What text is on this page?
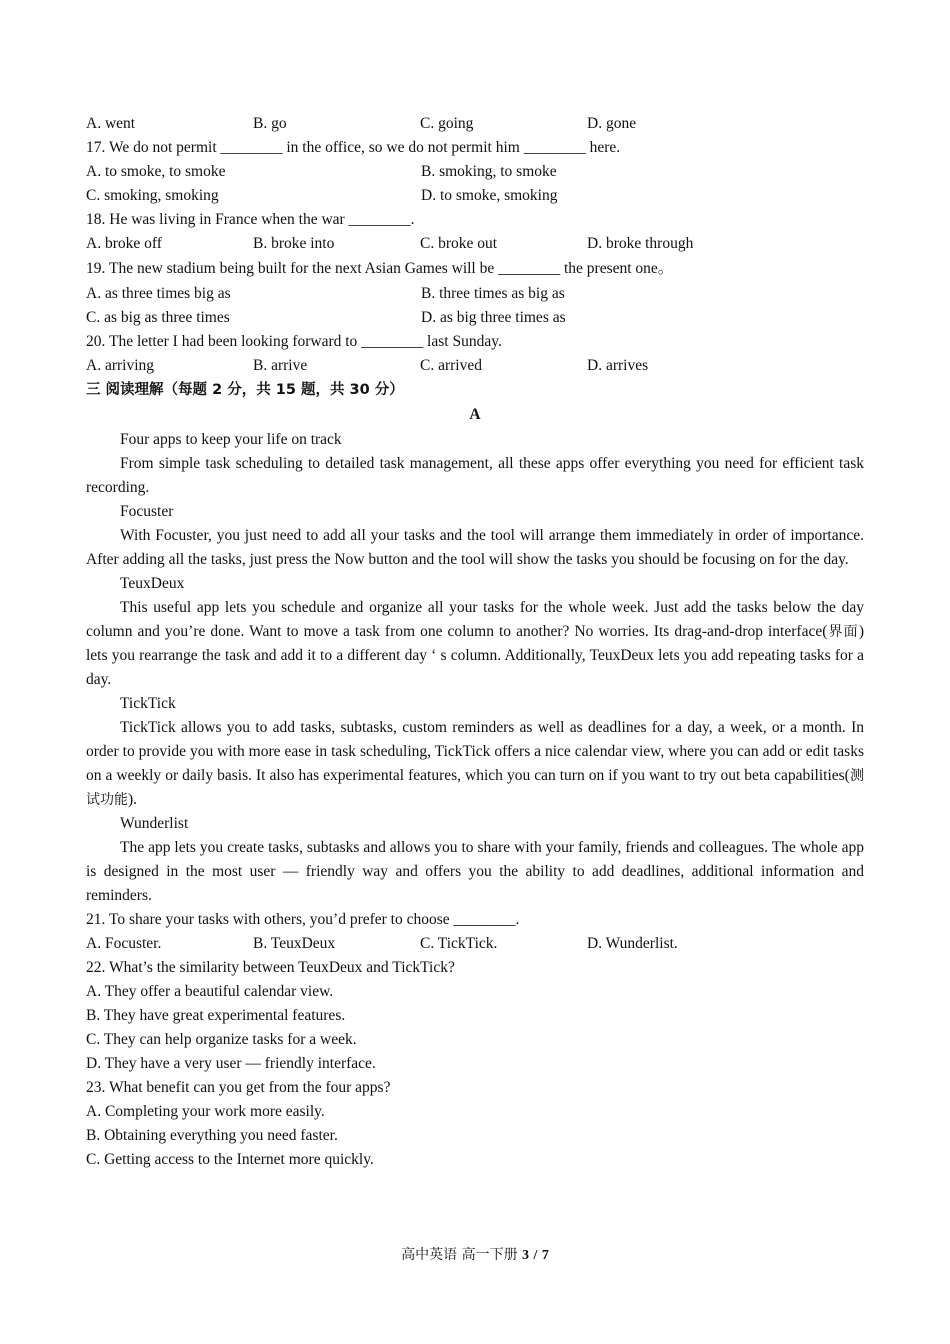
A. went	B. go	C. going	D. gone
17. We do not permit ________ in the office, so we do not permit him ________ here.
A. to smoke, to smoke	B. smoking, to smoke
C. smoking, smoking	D. to smoke, smoking
18. He was living in France when the war ________.
A. broke off	B. broke into	C. broke out	D. broke through
19. The new stadium being built for the next Asian Games will be ________ the present one。
A. as three times big as	B. three times as big as
C. as big as three times	D. as big three times as
20. The letter I had been looking forward to ________ last Sunday.
A. arriving	B. arrive	C. arrived	D. arrives
三 阅读理解（每题 2 分，共 15 题，共 30 分）
A
Four apps to keep your life on track

From simple task scheduling to detailed task management, all these apps offer everything you need for efficient task recording.

Focuster

With Focuster, you just need to add all your tasks and the tool will arrange them immediately in order of importance. After adding all the tasks, just press the Now button and the tool will show the tasks you should be focusing on for the day.

TeuxDeux

This useful app lets you schedule and organize all your tasks for the whole week. Just add the tasks below the day column and you’re done. Want to move a task from one column to another? No worries. Its drag-and-drop interface(界面) lets you rearrange the task and add it to a different day ‘ s column. Additionally, TeuxDeux lets you add repeating tasks for a day.

TickTick

TickTick allows you to add tasks, subtasks, custom reminders as well as deadlines for a day, a week, or a month. In order to provide you with more ease in task scheduling, TickTick offers a nice calendar view, where you can add or edit tasks on a weekly or daily basis. It also has experimental features, which you can turn on if you want to try out beta capabilities(测试功能).

Wunderlist

The app lets you create tasks, subtasks and allows you to share with your family, friends and colleagues. The whole app is designed in the most user — friendly way and offers you the ability to add deadlines, additional information and reminders.

21. To share your tasks with others, you’d prefer to choose ________.
A. Focuster.	B. TeuxDeux	C. TickTick.	D. Wunderlist.
22. What’s the similarity between TeuxDeux and TickTick?
A. They offer a beautiful calendar view.
B. They have great experimental features.
C. They can help organize tasks for a week.
D. They have a very user — friendly interface.
23. What benefit can you get from the four apps?
A. Completing your work more easily.
B. Obtaining everything you need faster.
C. Getting access to the Internet more quickly.
高中英语 高一下册 3 / 7
